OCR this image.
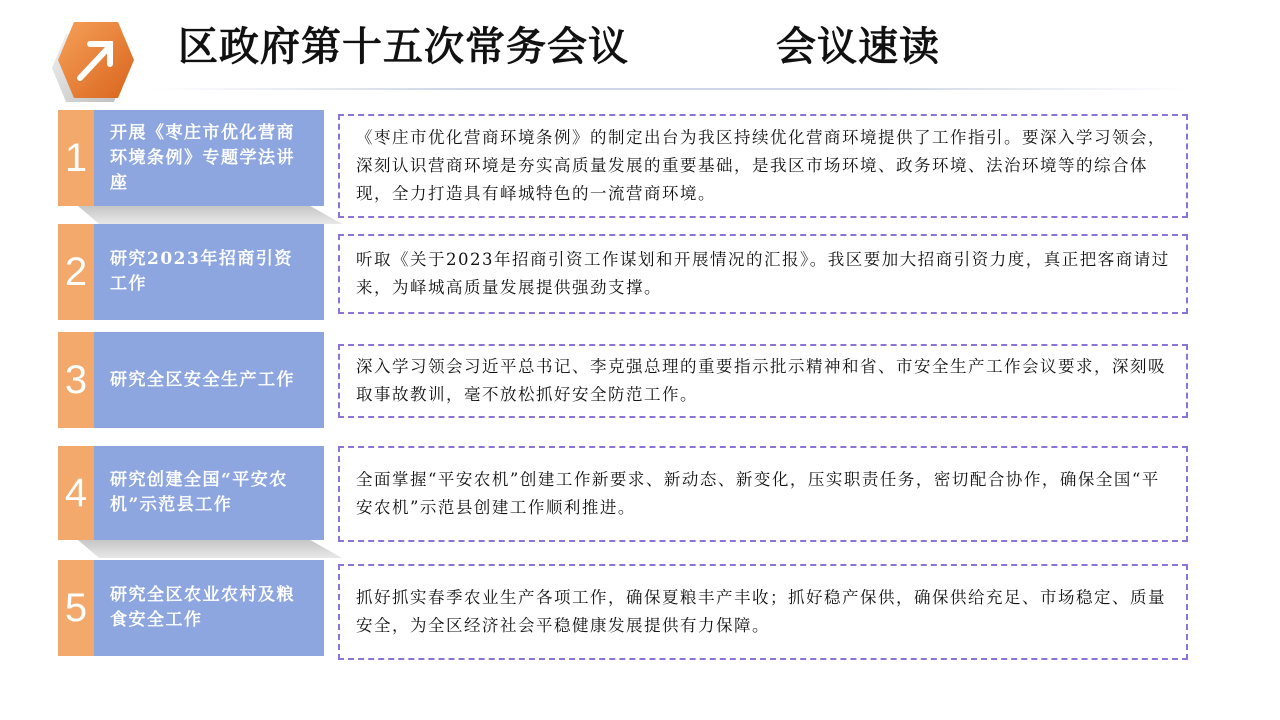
区政府第十五次常务会议	会议速读
1
开展《枣庄市优化营商环境条例》专题学法讲座
《枣庄市优化营商环境条例》的制定出台为我区持续优化营商环境提供了工作指引。要深入学习领会，深刻认识营商环境是夯实高质量发展的重要基础，是我区市场环境、政务环境、法治环境等的综合体现，全力打造具有峄城特色的一流营商环境。
2	研究2023年招商引资工作
听取《关于2023年招商引资工作谋划和开展情况的汇报》。我区要加大招商引资力度，真正把客商请过来，为峄城高质量发展提供强劲支撑。
3	研究全区安全生产工作
深入学习领会习近平总书记、李克强总理的重要指示批示精神和省、市安全生产工作会议要求，深刻吸取事故教训，毫不放松抓好安全防范工作。
4	研究创建全国“平安农机”示范县工作
全面掌握“平安农机”创建工作新要求、新动态、新变化，压实职责任务，密切配合协作，确保全国“平安农机”示范县创建工作顺利推进。
5	研究全区农业农村及粮食安全工作
抓好抓实春季农业生产各项工作，确保夏粮丰产丰收；抓好稳产保供，确保供给充足、市场稳定、质量安全，为全区经济社会平稳健康发展提供有力保障。
